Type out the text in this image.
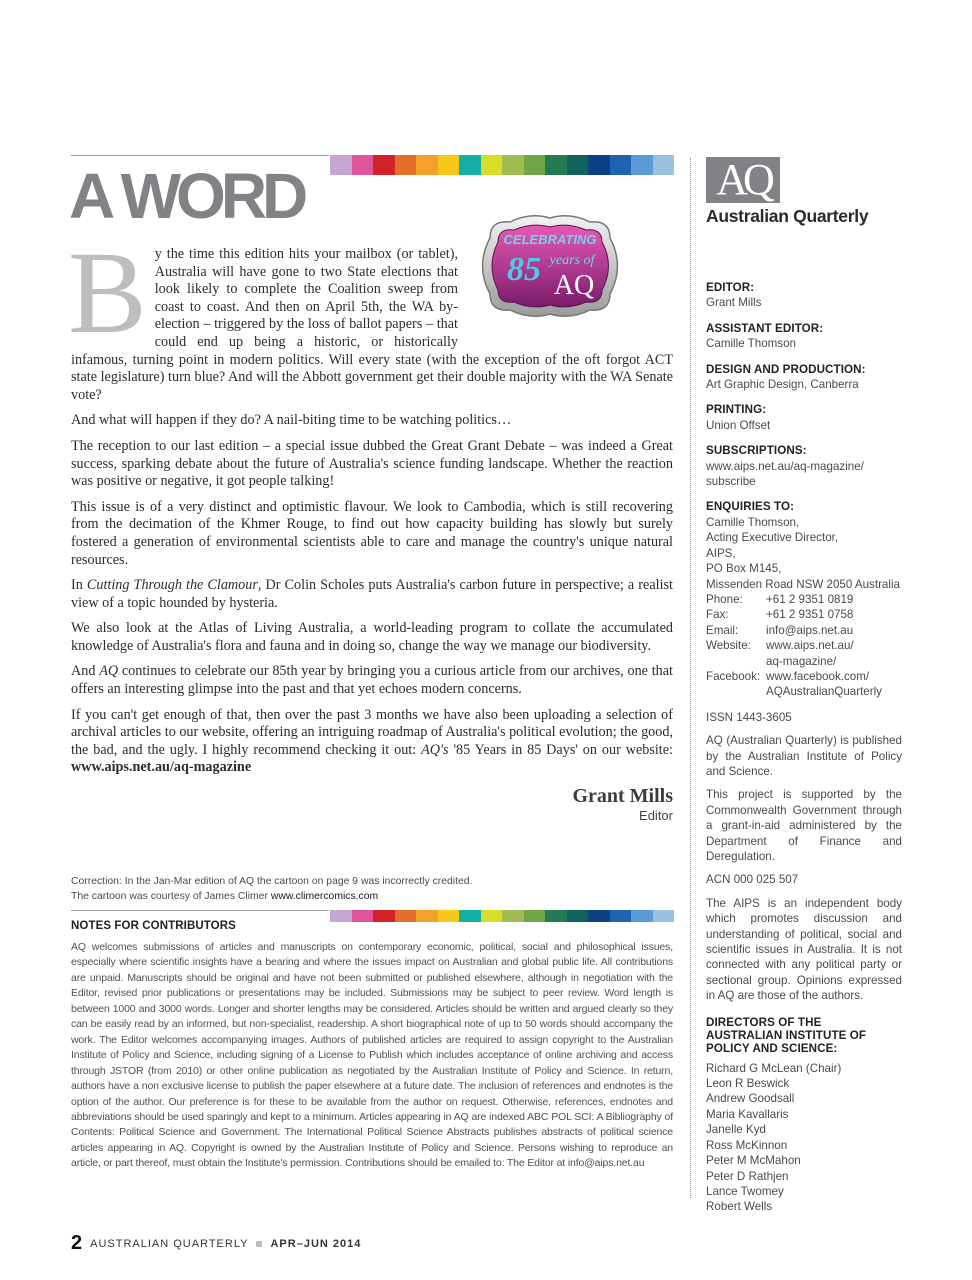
A WORD
CELEBRATING
85 years of
AQ
B y the time this edition hits your mailbox (or tablet), Australia will have gone to two State elections that look likely to complete the Coalition sweep from coast to coast. And then on April 5th, the WA by-election – triggered by the loss of ballot papers – that could end up being a historic, or historically infamous, turning point in modern politics. Will every state (with the exception of the oft forgot ACT state legislature) turn blue? And will the Abbott government get their double majority with the WA Senate vote?

And what will happen if they do? A nail-biting time to be watching politics…

The reception to our last edition – a special issue dubbed the Great Grant Debate – was indeed a Great success, sparking debate about the future of Australia's science funding landscape. Whether the reaction was positive or negative, it got people talking!

This issue is of a very distinct and optimistic flavour. We look to Cambodia, which is still recovering from the decimation of the Khmer Rouge, to find out how capacity building has slowly but surely fostered a generation of environmental scientists able to care and manage the country's unique natural resources.

In Cutting Through the Clamour, Dr Colin Scholes puts Australia's carbon future in perspective; a realist view of a topic hounded by hysteria.

We also look at the Atlas of Living Australia, a world-leading program to collate the accumulated knowledge of Australia's flora and fauna and in doing so, change the way we manage our biodiversity.

And AQ continues to celebrate our 85th year by bringing you a curious article from our archives, one that offers an interesting glimpse into the past and that yet echoes modern concerns.

If you can't get enough of that, then over the past 3 months we have also been uploading a selection of archival articles to our website, offering an intriguing roadmap of Australia's political evolution; the good, the bad, and the ugly. I highly recommend checking it out: AQ's '85 Years in 85 Days' on our website: www.aips.net.au/aq-magazine

Grant Mills
Editor
Correction: In the Jan-Mar edition of AQ the cartoon on page 9 was incorrectly credited.
The cartoon was courtesy of James Climer www.climercomics.com
NOTES FOR CONTRIBUTORS
AQ welcomes submissions of articles and manuscripts on contemporary economic, political, social and philosophical issues, especially where scientific insights have a bearing and where the issues impact on Australian and global public life. All contributions are unpaid. Manuscripts should be original and have not been submitted or published elsewhere, although in negotiation with the Editor, revised prior publications or presentations may be included. Submissions may be subject to peer review. Word length is between 1000 and 3000 words. Longer and shorter lengths may be considered. Articles should be written and argued clearly so they can be easily read by an informed, but non-specialist, readership. A short biographical note of up to 50 words should accompany the work. The Editor welcomes accompanying images. Authors of published articles are required to assign copyright to the Australian Institute of Policy and Science, including signing of a License to Publish which includes acceptance of online archiving and access through JSTOR (from 2010) or other online publication as negotiated by the Australian Institute of Policy and Science. In return, authors have a non exclusive license to publish the paper elsewhere at a future date. The inclusion of references and endnotes is the option of the author. Our preference is for these to be available from the author on request. Otherwise, references, endnotes and abbreviations should be used sparingly and kept to a minimum. Articles appearing in AQ are indexed ABC POL SCI: A Bibliography of Contents: Political Science and Government. The International Political Science Abstracts publishes abstracts of political science articles appearing in AQ. Copyright is owned by the Australian Institute of Policy and Science. Persons wishing to reproduce an article, or part thereof, must obtain the Institute's permission. Contributions should be emailed to: The Editor at info@aips.net.au
2 AUSTRALIAN QUARTERLY APR–JUN 2014
AQ
Australian Quarterly
EDITOR:
Grant Mills
ASSISTANT EDITOR:
Camille Thomson
DESIGN AND PRODUCTION:
Art Graphic Design, Canberra
PRINTING:
Union Offset
SUBSCRIPTIONS:
www.aips.net.au/aq-magazine/
subscribe
ENQUIRIES TO:
Camille Thomson,
Acting Executive Director,
AIPS,
PO Box M145,
Missenden Road NSW 2050 Australia
Phone:	+61 2 9351 0819
Fax:	+61 2 9351 0758
Email:	info@aips.net.au
Website:	www.aips.net.au/
aq-magazine/
Facebook: www.facebook.com/
AQAustralianQuarterly
ISSN 1443-3605
AQ (Australian Quarterly) is published by the Australian Institute of Policy and Science.
This project is supported by the Commonwealth Government through a grant-in-aid administered by the Department of Finance and Deregulation.
ACN 000 025 507
The AIPS is an independent body which promotes discussion and understanding of political, social and scientific issues in Australia. It is not connected with any political party or sectional group. Opinions expressed in AQ are those of the authors.
DIRECTORS OF THE
AUSTRALIAN INSTITUTE OF
POLICY AND SCIENCE:
Richard G McLean (Chair)
Leon R Beswick
Andrew Goodsall
Maria Kavallaris
Janelle Kyd
Ross McKinnon
Peter M McMahon
Peter D Rathjen
Lance Twomey
Robert Wells
